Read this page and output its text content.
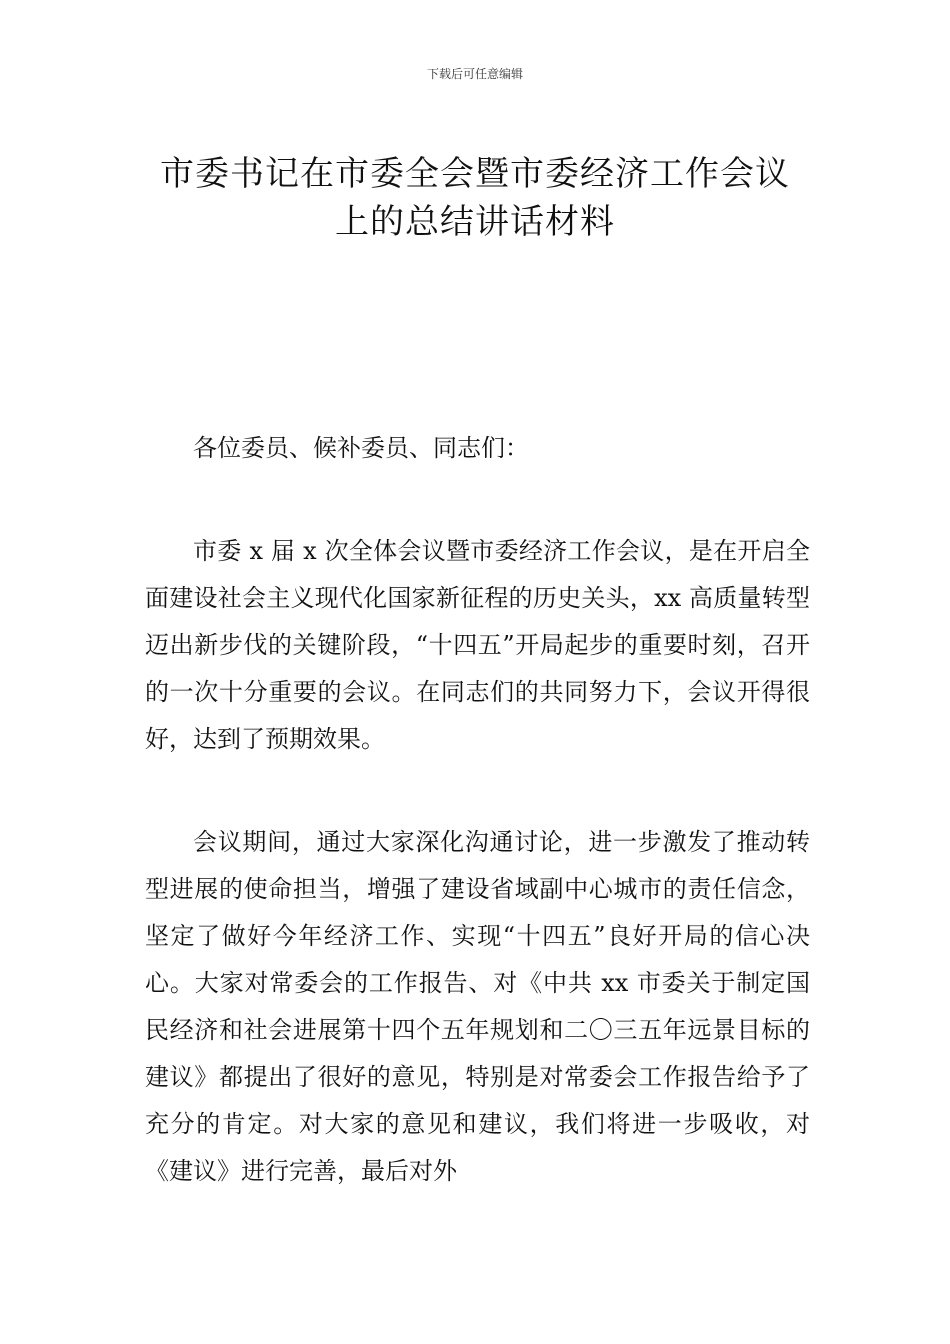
下载后可任意编辑
市委书记在市委全会暨市委经济工作会议
上的总结讲话材料

各位委员、候补委员、同志们：

市委 x 届 x 次全体会议暨市委经济工作会议，是在开启全面建设社会主义现代化国家新征程的历史关头，xx 高质量转型迈出新步伐的关键阶段，“十四五”开局起步的重要时刻，召开的一次十分重要的会议。在同志们的共同努力下，会议开得很好，达到了预期效果。

会议期间，通过大家深化沟通讨论，进一步激发了推动转型进展的使命担当，增强了建设省域副中心城市的责任信念，坚定了做好今年经济工作、实现“十四五”良好开局的信心决心。大家对常委会的工作报告、对《中共 xx 市委关于制定国民经济和社会进展第十四个五年规划和二〇三五年远景目标的建议》都提出了很好的意见，特别是对常委会工作报告给予了充分的肯定。对大家的意见和建议，我们将进一步吸收，对《建议》进行完善，最后对外
